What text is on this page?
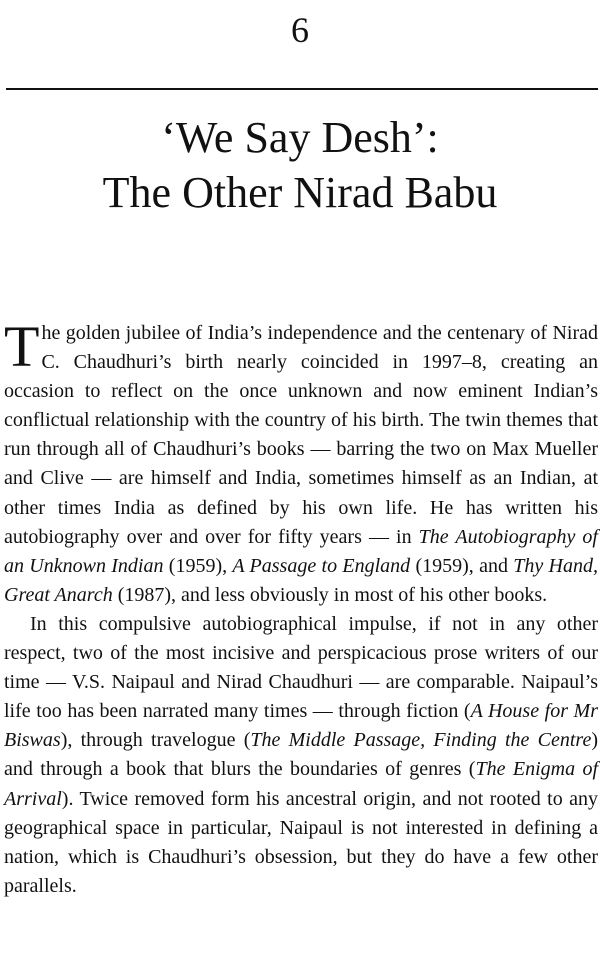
6
‘We Say Desh’:
The Other Nirad Babu

The golden jubilee of India’s independence and the centenary of Nirad C. Chaudhuri’s birth nearly coincided in 1997–8, creating an occasion to reflect on the once unknown and now eminent Indian’s conflictual relationship with the country of his birth. The twin themes that run through all of Chaudhuri’s books — barring the two on Max Mueller and Clive — are himself and India, sometimes himself as an Indian, at other times India as defined by his own life. He has written his autobiography over and over for fifty years — in The Autobiography of an Unknown Indian (1959), A Passage to England (1959), and Thy Hand, Great Anarch (1987), and less obviously in most of his other books.

In this compulsive autobiographical impulse, if not in any other respect, two of the most incisive and perspicacious prose writers of our time — V.S. Naipaul and Nirad Chaudhuri — are comparable. Naipaul’s life too has been narrated many times — through fiction (A House for Mr Biswas), through travelogue (The Middle Passage, Finding the Centre) and through a book that blurs the boundaries of genres (The Enigma of Arrival). Twice removed form his ancestral origin, and not rooted to any geographical space in particular, Naipaul is not interested in defining a nation, which is Chaudhuri’s obsession, but they do have a few other parallels.
